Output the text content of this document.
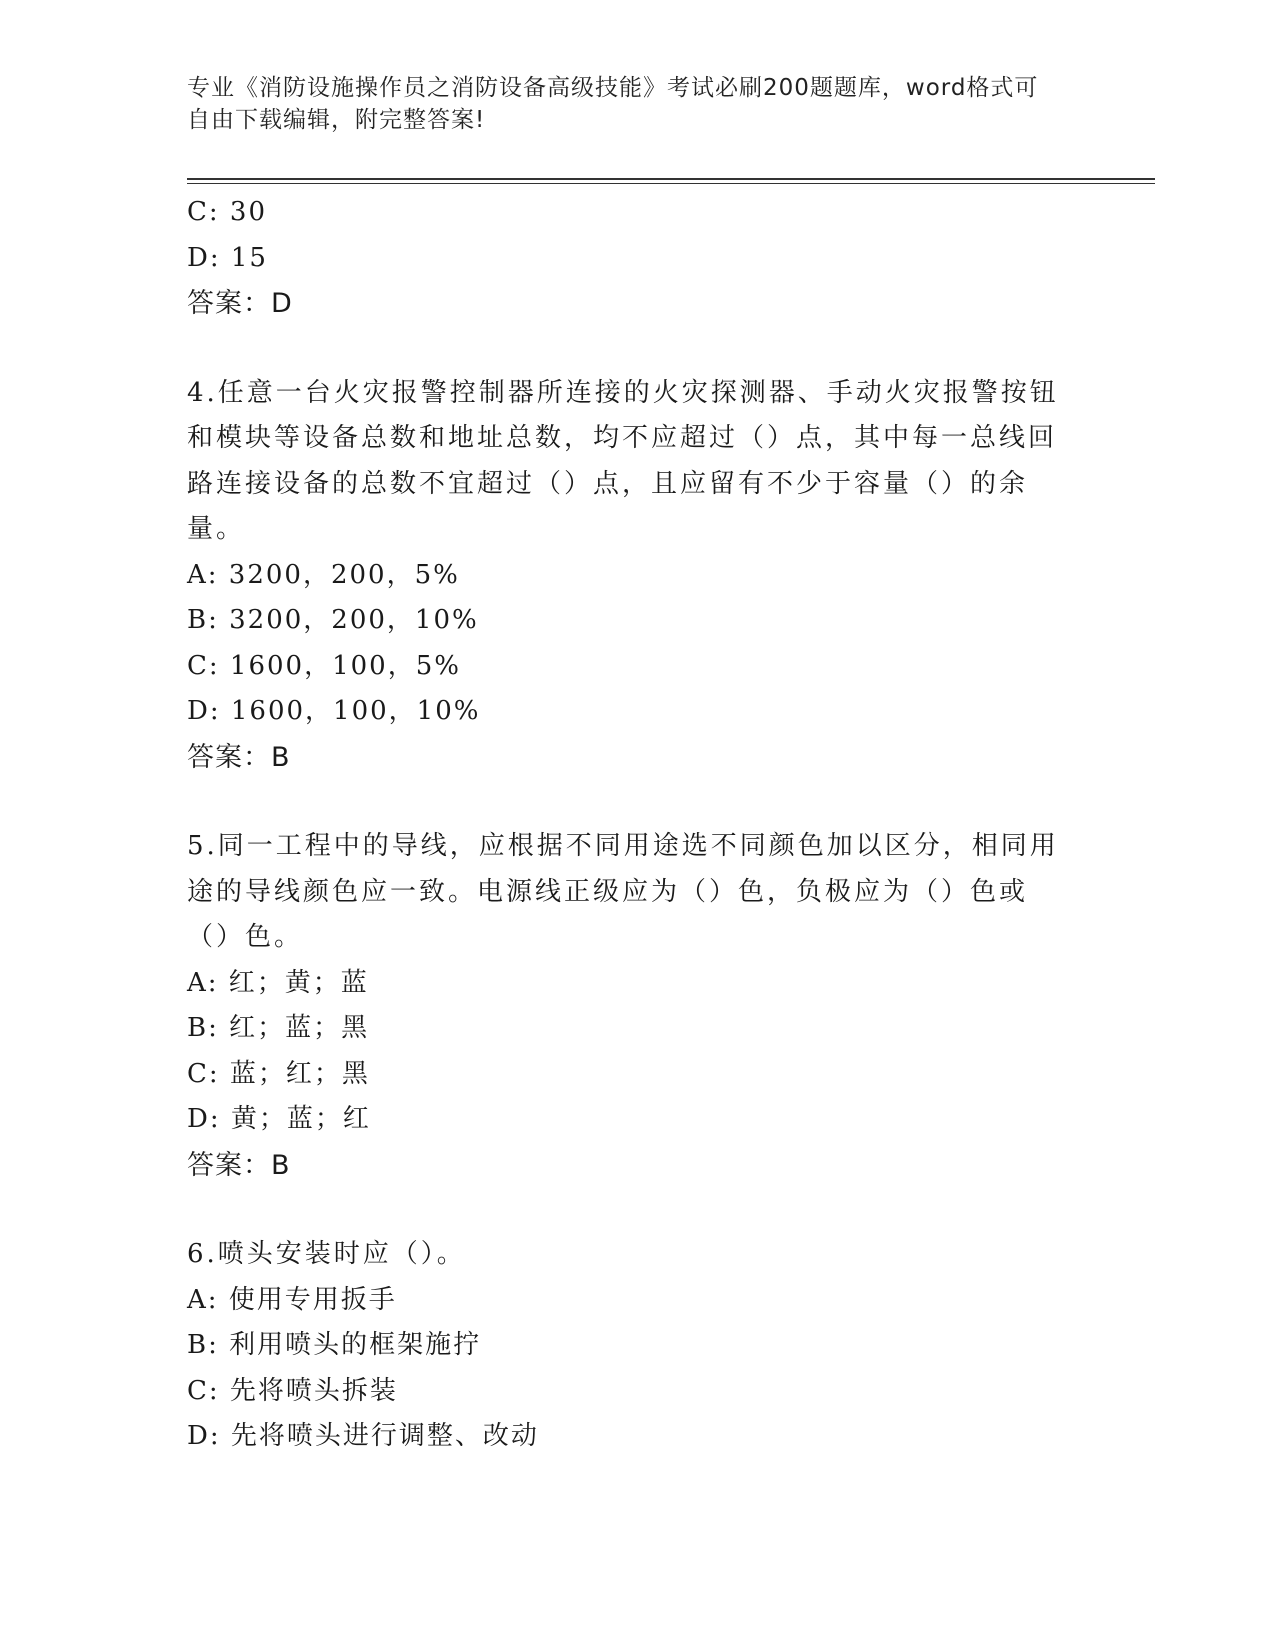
专业《消防设施操作员之消防设备高级技能》考试必刷200题题库，word格式可
自由下载编辑，附完整答案!
C: 30
D: 15
答案：D
4.任意一台火灾报警控制器所连接的火灾探测器、手动火灾报警按钮和模块等设备总数和地址总数，均不应超过（）点，其中每一总线回路连接设备的总数不宜超过（）点，且应留有不少于容量（）的余量。
A: 3200，200，5%
B: 3200，200，10%
C: 1600，100，5%
D: 1600，100，10%
答案：B
5.同一工程中的导线，应根据不同用途选不同颜色加以区分，相同用途的导线颜色应一致。电源线正级应为（）色，负极应为（）色或（）色。
A: 红；黄；蓝
B: 红；蓝；黑
C: 蓝；红；黑
D: 黄；蓝；红
答案：B
6.喷头安装时应（）。
A: 使用专用扳手
B: 利用喷头的框架施拧
C: 先将喷头拆装
D: 先将喷头进行调整、改动
